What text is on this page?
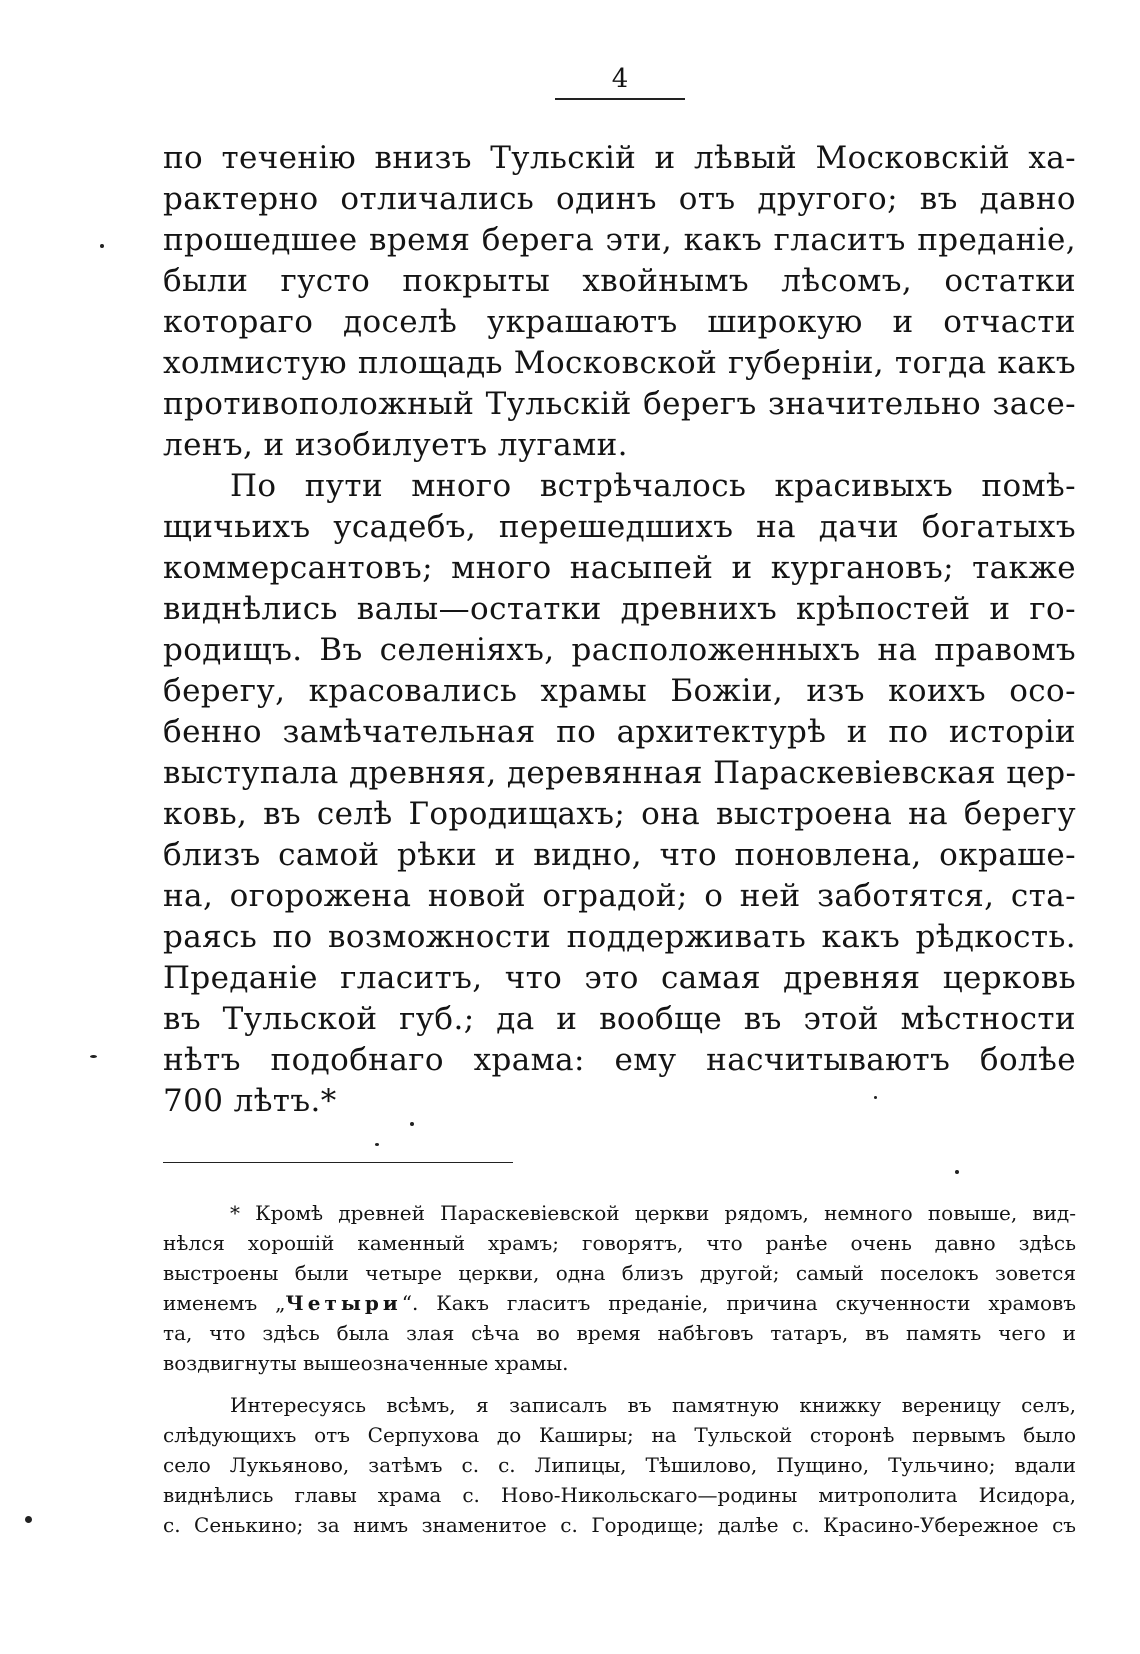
4
по теченію внизъ Тульскій и лѣвый Московскій ха-
рактерно отличались одинъ отъ другого; въ давно
прошедшее время берега эти, какъ гласитъ преданіе,
были густо покрыты хвойнымъ лѣсомъ, остатки
котораго доселѣ украшаютъ широкую и отчасти
холмистую площадь Московской губерніи, тогда какъ
противоположный Тульскій берегъ значительно засе-
ленъ, и изобилуетъ лугами.
По пути много встрѣчалось красивыхъ помѣ-
щичьихъ усадебъ, перешедшихъ на дачи богатыхъ
коммерсантовъ; много насыпей и кургановъ; также
виднѣлись валы—остатки древнихъ крѣпостей и го-
родищъ. Въ селеніяхъ, расположенныхъ на правомъ
берегу, красовались храмы Божіи, изъ коихъ осо-
бенно замѣчательная по архитектурѣ и по исторіи
выступала древняя, деревянная Параскевіевская цер-
ковь, въ селѣ Городищахъ; она выстроена на берегу
близъ самой рѣки и видно, что поновлена, окраше-
на, огорожена новой оградой; о ней заботятся, ста-
раясь по возможности поддерживать какъ рѣдкость.
Преданіе гласитъ, что это самая древняя церковь
въ Тульской губ.; да и вообще въ этой мѣстности
нѣтъ подобнаго храма: ему насчитываютъ болѣе
700 лѣтъ.*
* Кромѣ древней Параскевіевской церкви рядомъ, немного повыше, вид-
нѣлся хорошій каменный храмъ; говорятъ, что ранѣе очень давно здѣсь
выстроены были четыре церкви, одна близъ другой; самый поселокъ зовется
именемъ „Четыри“. Какъ гласитъ преданіе, причина скученности храмовъ
та, что здѣсь была злая сѣча во время набѣговъ татаръ, въ память чего и
воздвигнуты вышеозначенные храмы.
Интересуясь всѣмъ, я записалъ въ памятную книжку вереницу селъ,
слѣдующихъ отъ Серпухова до Каширы; на Тульской сторонѣ первымъ было
село Лукьяново, затѣмъ с. с. Липицы, Тѣшилово, Пущино, Тульчино; вдали
виднѣлись главы храма с. Ново-Никольскаго—родины митрополита Исидора,
с. Сенькино; за нимъ знаменитое с. Городище; далѣе с. Красино-Убережное съ
